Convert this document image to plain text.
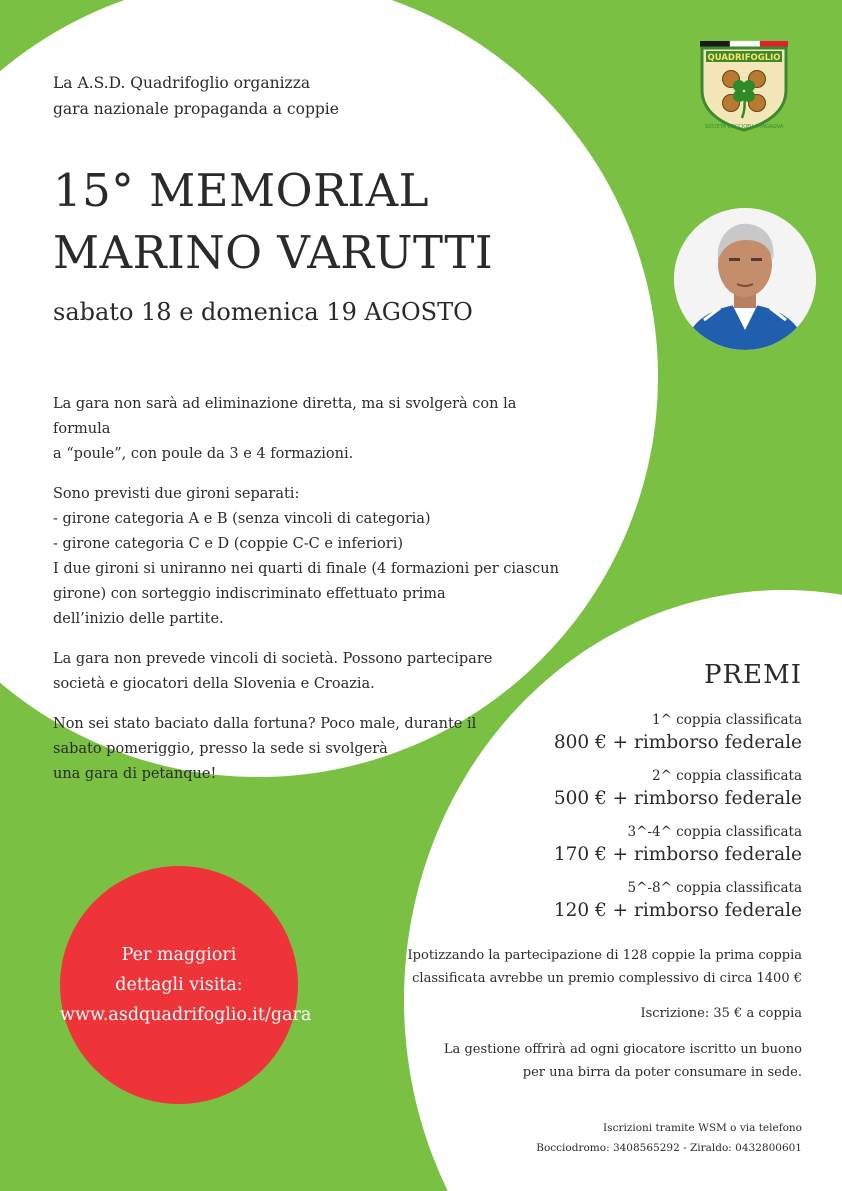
QUADRIFOGLIO
SOCIETÀ BOCCIOFILA FAGAGNA
La A.S.D. Quadrifoglio organizza
gara nazionale propaganda a coppie
15° MEMORIAL
MARINO VARUTTI
sabato 18 e domenica 19 AGOSTO

La gara non sarà ad eliminazione diretta, ma si svolgerà con la formula
a “poule”, con poule da 3 e 4 formazioni.

Sono previsti due gironi separati:
- girone categoria A e B (senza vincoli di categoria)
- girone categoria C e D (coppie C-C e inferiori)
I due gironi si uniranno nei quarti di finale (4 formazioni per ciascun
girone) con sorteggio indiscriminato effettuato prima
dell’inizio delle partite.

La gara non prevede vincoli di società. Possono partecipare
società e giocatori della Slovenia e Croazia.

Non sei stato baciato dalla fortuna? Poco male, durante il
sabato pomeriggio, presso la sede si svolgerà
una gara di petanque!

PREMI
1^ coppia classificata
800 € + rimborso federale
2^ coppia classificata
500 € + rimborso federale
3^-4^ coppia classificata
170 € + rimborso federale
5^-8^ coppia classificata
120 € + rimborso federale
Ipotizzando la partecipazione di 128 coppie la prima coppia
classificata avrebbe un premio complessivo di circa 1400 €
Iscrizione: 35 € a coppia
La gestione offrirà ad ogni giocatore iscritto un buono
per una birra da poter consumare in sede.
Iscrizioni tramite WSM o via telefono
Bocciodromo: 3408565292 - Ziraldo: 0432800601
Per maggiori
dettagli visita:
www.asdquadrifoglio.it/gara
